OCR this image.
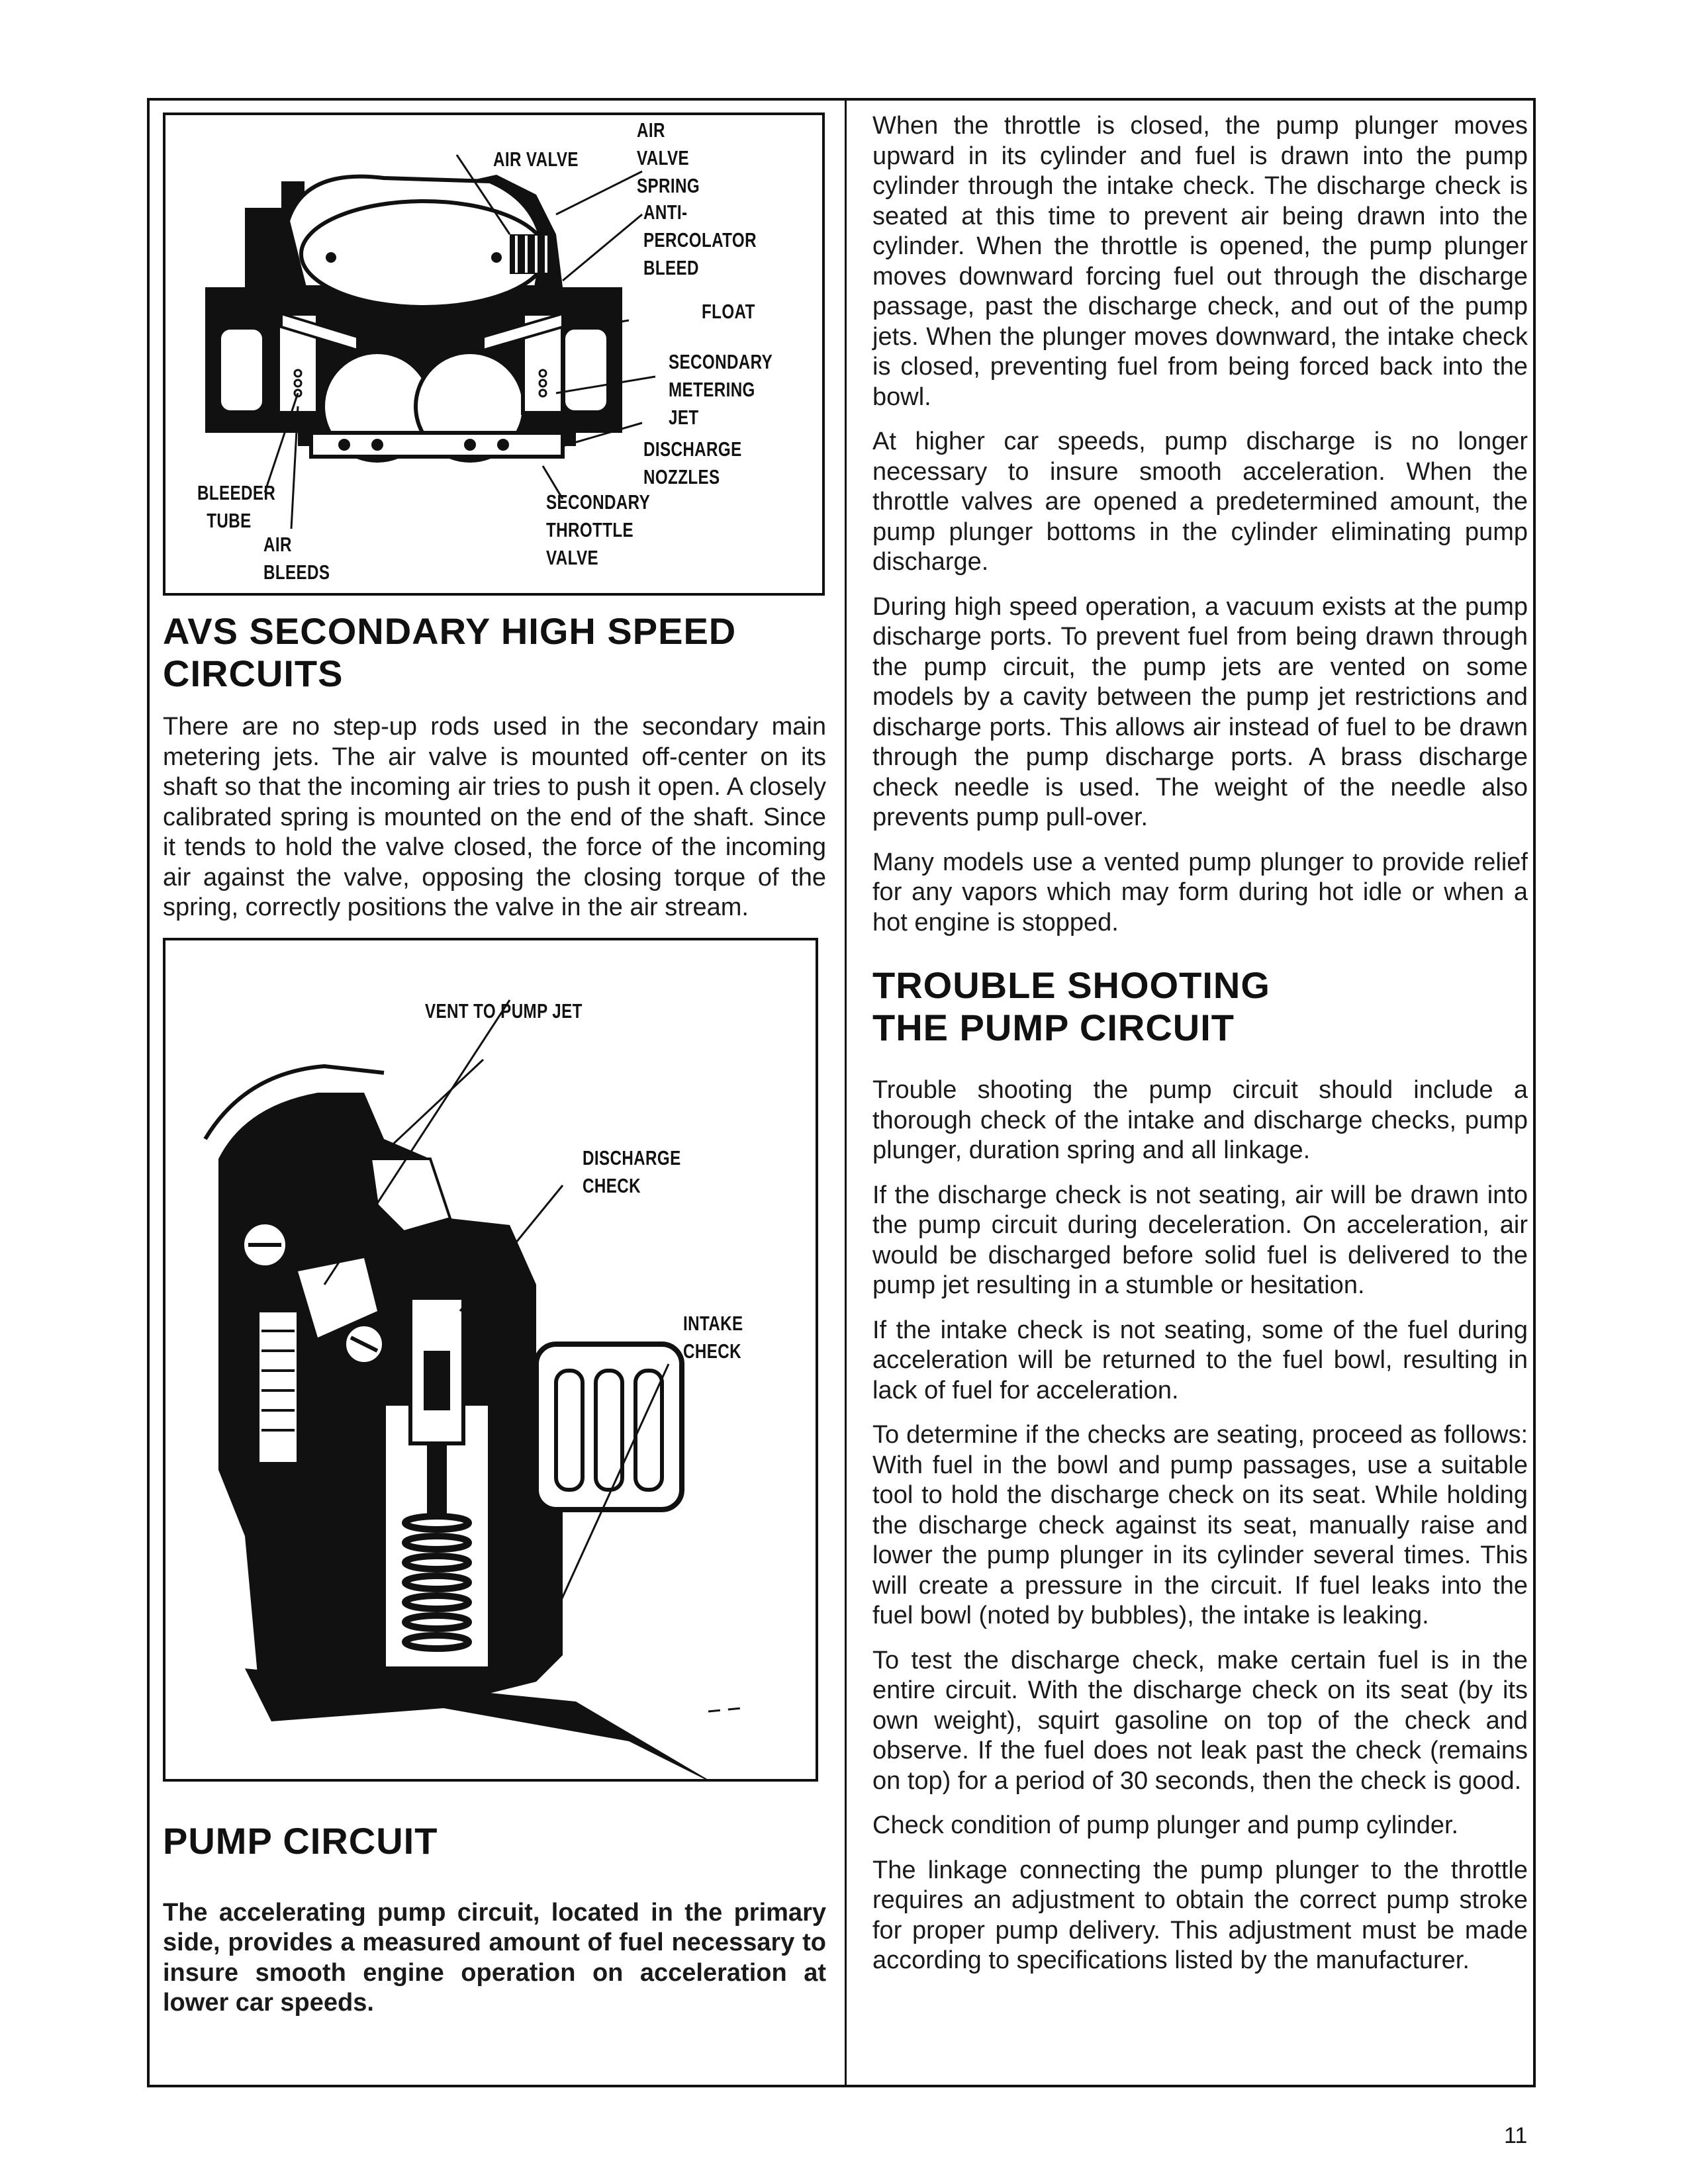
AIR VALVE
AIR
VALVE
SPRING
ANTI-
PERCOLATOR
BLEED
FLOAT
SECONDARY
METERING
JET
DISCHARGE
NOZZLES
SECONDARY
THROTTLE
VALVE
BLEEDER
TUBE
AIR
BLEEDS
AVS SECONDARY HIGH SPEED
CIRCUITS

There are no step-up rods used in the secondary main metering jets. The air valve is mounted off-center on its shaft so that the incoming air tries to push it open. A closely calibrated spring is mounted on the end of the shaft. Since it tends to hold the valve closed, the force of the incoming air against the valve, opposing the closing torque of the spring, correctly positions the valve in the air stream.

VENT TO PUMP JET
DISCHARGE
CHECK
INTAKE
CHECK
PUMP CIRCUIT

The accelerating pump circuit, located in the primary side, provides a measured amount of fuel necessary to insure smooth engine operation on acceleration at lower car speeds.

When the throttle is closed, the pump plunger moves upward in its cylinder and fuel is drawn into the pump cylinder through the intake check. The discharge check is seated at this time to prevent air being drawn into the cylinder. When the throttle is opened, the pump plunger moves downward forcing fuel out through the discharge passage, past the discharge check, and out of the pump jets. When the plunger moves downward, the intake check is closed, preventing fuel from being forced back into the bowl.

At higher car speeds, pump discharge is no longer necessary to insure smooth acceleration. When the throttle valves are opened a predetermined amount, the pump plunger bottoms in the cylinder eliminating pump discharge.

During high speed operation, a vacuum exists at the pump discharge ports. To prevent fuel from being drawn through the pump circuit, the pump jets are vented on some models by a cavity between the pump jet restrictions and discharge ports. This allows air instead of fuel to be drawn through the pump discharge ports. A brass discharge check needle is used. The weight of the needle also prevents pump pull-over.

Many models use a vented pump plunger to provide relief for any vapors which may form during hot idle or when a hot engine is stopped.

TROUBLE SHOOTING
THE PUMP CIRCUIT

Trouble shooting the pump circuit should include a thorough check of the intake and discharge checks, pump plunger, duration spring and all linkage.

If the discharge check is not seating, air will be drawn into the pump circuit during deceleration. On acceleration, air would be discharged before solid fuel is delivered to the pump jet resulting in a stumble or hesitation.

If the intake check is not seating, some of the fuel during acceleration will be returned to the fuel bowl, resulting in lack of fuel for acceleration.

To determine if the checks are seating, proceed as follows: With fuel in the bowl and pump passages, use a suitable tool to hold the discharge check on its seat. While holding the discharge check against its seat, manually raise and lower the pump plunger in its cylinder several times. This will create a pressure in the circuit. If fuel leaks into the fuel bowl (noted by bubbles), the intake is leaking.

To test the discharge check, make certain fuel is in the entire circuit. With the discharge check on its seat (by its own weight), squirt gasoline on top of the check and observe. If the fuel does not leak past the check (remains on top) for a period of 30 seconds, then the check is good.

Check condition of pump plunger and pump cylinder.

The linkage connecting the pump plunger to the throttle requires an adjustment to obtain the correct pump stroke for proper pump delivery. This adjustment must be made according to specifications listed by the manufacturer.

11
